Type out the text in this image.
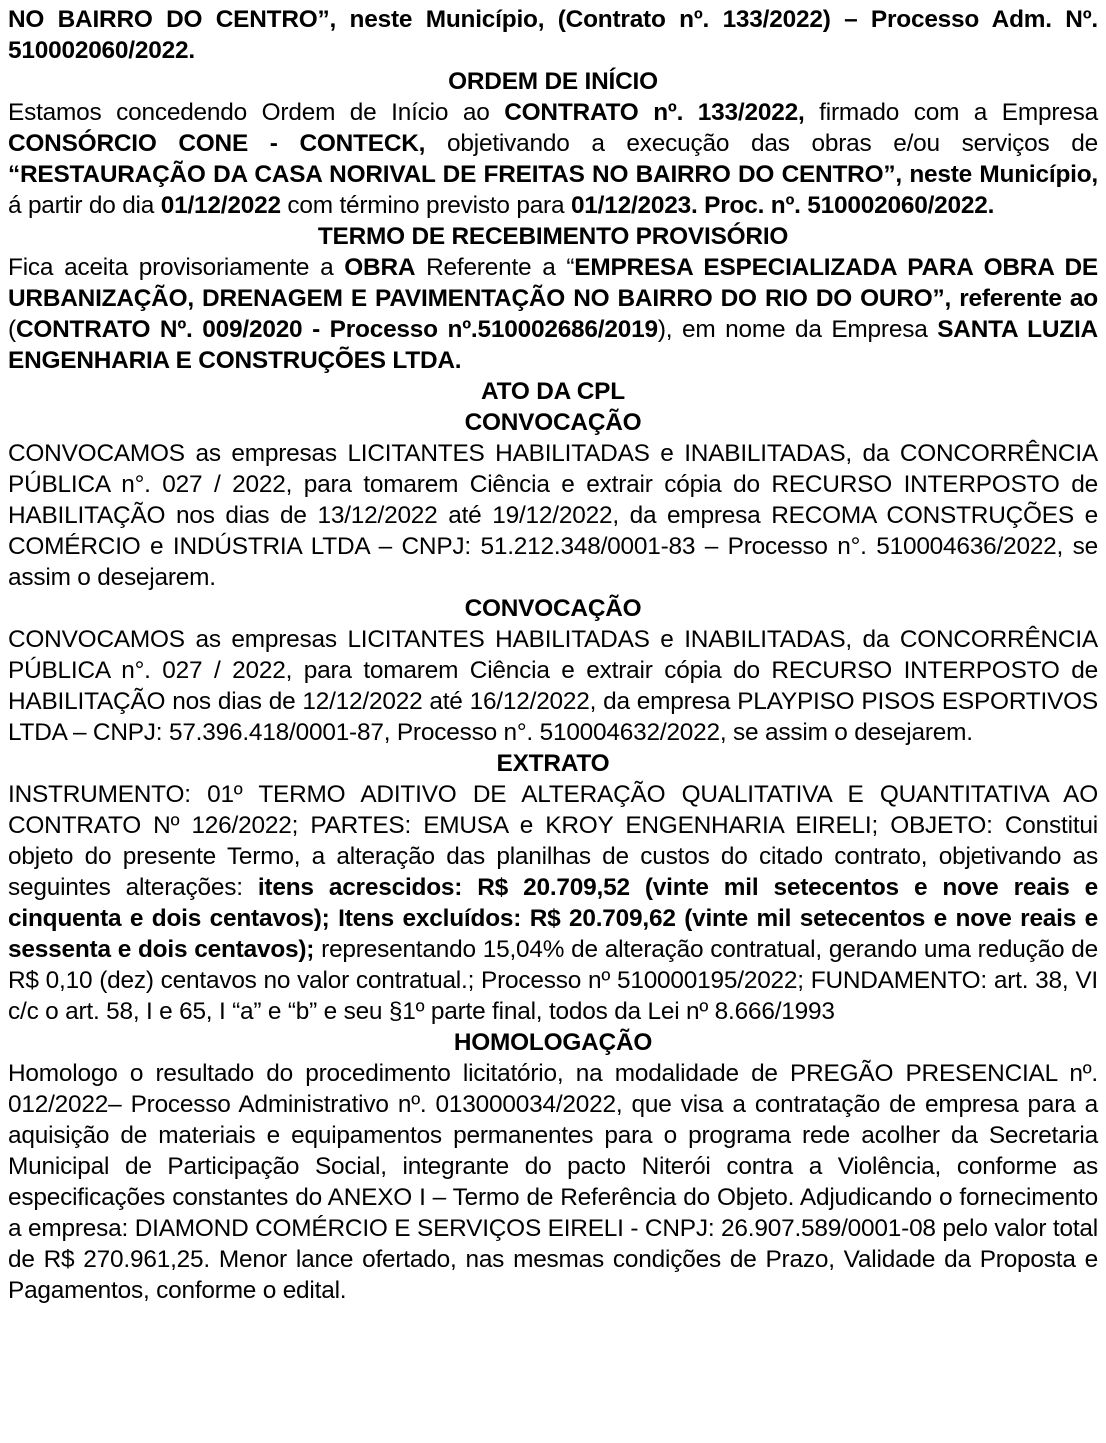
NO BAIRRO DO CENTRO”, neste Município, (Contrato nº. 133/2022) – Processo Adm. Nº. 510002060/2022.

ORDEM DE INÍCIO

Estamos concedendo Ordem de Início ao CONTRATO nº. 133/2022, firmado com a Empresa CONSÓRCIO CONE - CONTECK, objetivando a execução das obras e/ou serviços de “RESTAURAÇÃO DA CASA NORIVAL DE FREITAS NO BAIRRO DO CENTRO”, neste Município, á partir do dia 01/12/2022 com término previsto para 01/12/2023. Proc. nº. 510002060/2022.

TERMO DE RECEBIMENTO PROVISÓRIO

Fica aceita provisoriamente a OBRA Referente a “EMPRESA ESPECIALIZADA PARA OBRA DE URBANIZAÇÃO, DRENAGEM E PAVIMENTAÇÃO NO BAIRRO DO RIO DO OURO”, referente ao (CONTRATO Nº. 009/2020 - Processo nº.510002686/2019), em nome da Empresa SANTA LUZIA ENGENHARIA E CONSTRUÇÕES LTDA.

ATO DA CPL
CONVOCAÇÃO

CONVOCAMOS as empresas LICITANTES HABILITADAS e INABILITADAS, da CONCORRÊNCIA PÚBLICA n°. 027 / 2022, para tomarem Ciência e extrair cópia do RECURSO INTERPOSTO de HABILITAÇÃO nos dias de 13/12/2022 até 19/12/2022, da empresa RECOMA CONSTRUÇÕES e COMÉRCIO e INDÚSTRIA LTDA – CNPJ: 51.212.348/0001-83 – Processo n°. 510004636/2022, se assim o desejarem.

CONVOCAÇÃO

CONVOCAMOS as empresas LICITANTES HABILITADAS e INABILITADAS, da CONCORRÊNCIA PÚBLICA n°. 027 / 2022, para tomarem Ciência e extrair cópia do RECURSO INTERPOSTO de HABILITAÇÃO nos dias de 12/12/2022 até 16/12/2022, da empresa PLAYPISO PISOS ESPORTIVOS LTDA – CNPJ: 57.396.418/0001-87, Processo n°. 510004632/2022, se assim o desejarem.

EXTRATO

INSTRUMENTO: 01º TERMO ADITIVO DE ALTERAÇÃO QUALITATIVA E QUANTITATIVA AO CONTRATO Nº 126/2022; PARTES: EMUSA e KROY ENGENHARIA EIRELI; OBJETO: Constitui objeto do presente Termo, a alteração das planilhas de custos do citado contrato, objetivando as seguintes alterações: itens acrescidos: R$ 20.709,52 (vinte mil setecentos e nove reais e cinquenta e dois centavos); Itens excluídos: R$ 20.709,62 (vinte mil setecentos e nove reais e sessenta e dois centavos); representando 15,04% de alteração contratual, gerando uma redução de R$ 0,10 (dez) centavos no valor contratual.; Processo nº 510000195/2022; FUNDAMENTO: art. 38, VI c/c o art. 58, I e 65, I “a” e “b” e seu §1º parte final, todos da Lei nº 8.666/1993

HOMOLOGAÇÃO

Homologo o resultado do procedimento licitatório, na modalidade de PREGÃO PRESENCIAL nº. 012/2022– Processo Administrativo nº. 013000034/2022, que visa a contratação de empresa para a aquisição de materiais e equipamentos permanentes para o programa rede acolher da Secretaria Municipal de Participação Social, integrante do pacto Niterói contra a Violência, conforme as especificações constantes do ANEXO I – Termo de Referência do Objeto. Adjudicando o fornecimento a empresa: DIAMOND COMÉRCIO E SERVIÇOS EIRELI - CNPJ: 26.907.589/0001-08 pelo valor total de R$ 270.961,25. Menor lance ofertado, nas mesmas condições de Prazo, Validade da Proposta e Pagamentos, conforme o edital.
